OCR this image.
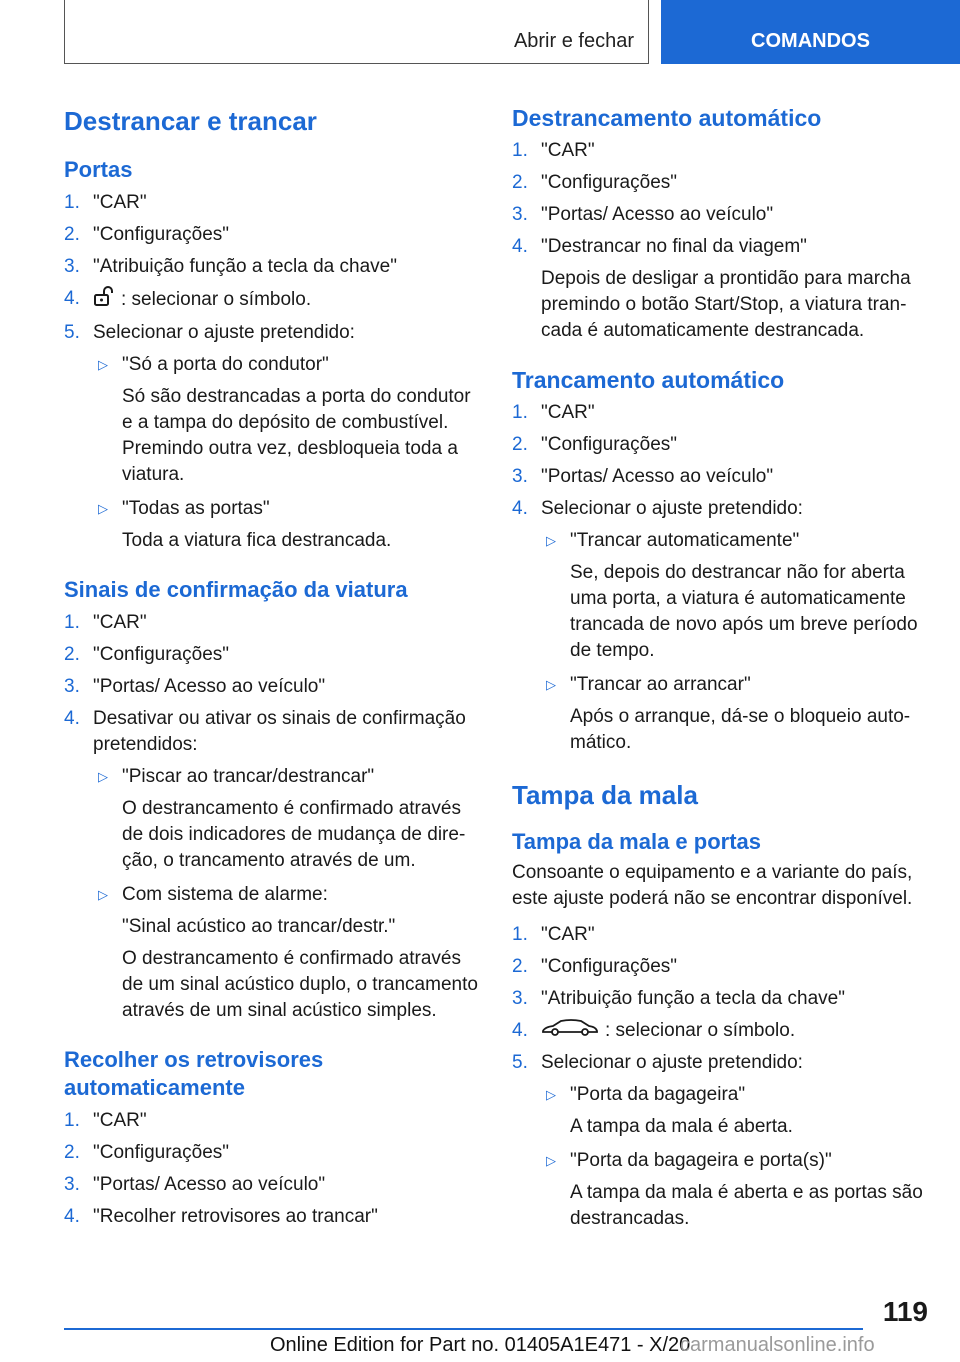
Abrir e fechar	COMANDOS
Destrancar e trancar
Portas
1. "CAR"
2. "Configurações"
3. "Atribuição função a tecla da chave"
4. : selecionar o símbolo.
5. Selecionar o ajuste pretendido:
▷ "Só a porta do condutor"
Só são destrancadas a porta do condutor e a tampa do depósito de combustível. Premindo outra vez, desbloqueia toda a viatura.
▷ "Todas as portas"
Toda a viatura fica destrancada.
Sinais de confirmação da viatura
1. "CAR"
2. "Configurações"
3. "Portas/ Acesso ao veículo"
4. Desativar ou ativar os sinais de confirmação pretendidos:
▷ "Piscar ao trancar/destrancar"
O destrancamento é confirmado através de dois indicadores de mudança de dire‐ ção, o trancamento através de um.
▷ Com sistema de alarme:
"Sinal acústico ao trancar/destr."
O destrancamento é confirmado através de um sinal acústico duplo, o trancamento através de um sinal acústico simples.
Recolher os retrovisores automaticamente
1. "CAR"
2. "Configurações"
3. "Portas/ Acesso ao veículo"
4. "Recolher retrovisores ao trancar"
Destrancamento automático
1. "CAR"
2. "Configurações"
3. "Portas/ Acesso ao veículo"
4. "Destrancar no final da viagem"
Depois de desligar a prontidão para marcha premindo o botão Start/Stop, a viatura tran‐ cada é automaticamente destrancada.
Trancamento automático
1. "CAR"
2. "Configurações"
3. "Portas/ Acesso ao veículo"
4. Selecionar o ajuste pretendido:
▷ "Trancar automaticamente"
Se, depois do destrancar não for aberta uma porta, a viatura é automaticamente trancada de novo após um breve período de tempo.
▷ "Trancar ao arrancar"
Após o arranque, dá-se o bloqueio auto‐ mático.
Tampa da mala
Tampa da mala e portas
Consoante o equipamento e a variante do país, este ajuste poderá não se encontrar disponível.
1. "CAR"
2. "Configurações"
3. "Atribuição função a tecla da chave"
4.	: selecionar o símbolo.
5. Selecionar o ajuste pretendido:
▷ "Porta da bagageira"
A tampa da mala é aberta.
▷ "Porta da bagageira e porta(s)"
A tampa da mala é aberta e as portas são destrancadas.
119
Online Edition for Part no. 01405A1E471 - X/20
carmanualsonline.info
